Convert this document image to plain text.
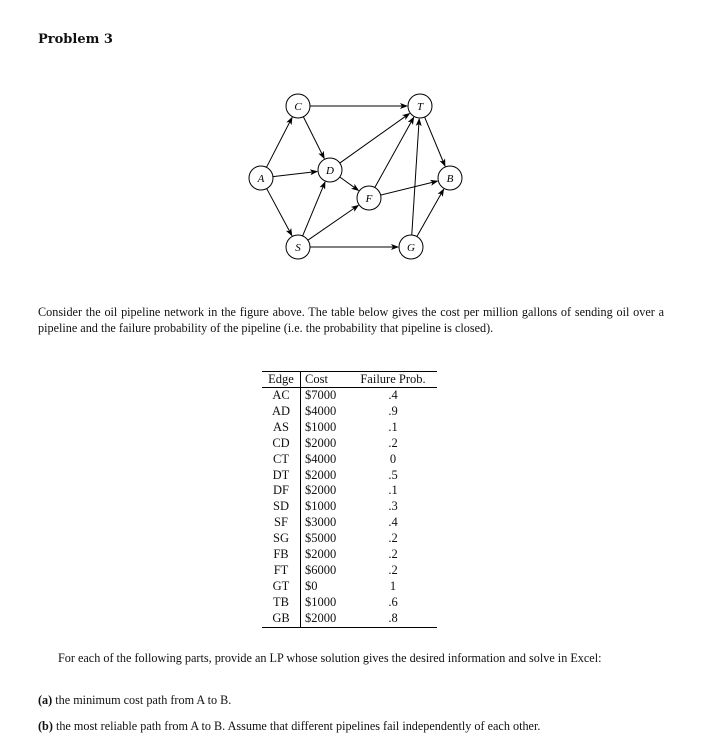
Problem 3
A
C
D
S
F
T
G
B
Consider the oil pipeline network in the figure above. The table below gives the cost per million gallons of sending oil over a pipeline and the failure probability of the pipeline (i.e. the probability that pipeline is closed).
Edge	Cost	Failure Prob.
AC	$7000	.4
AD	$4000	.9
AS	$1000	.1
CD	$2000	.2
CT	$4000	0
DT	$2000	.5
DF	$2000	.1
SD	$1000	.3
SF	$3000	.4
SG	$5000	.2
FB	$2000	.2
FT	$6000	.2
GT	$0	1
TB	$1000	.6
GB	$2000	.8
For each of the following parts, provide an LP whose solution gives the desired information and solve in Excel:
(a) the minimum cost path from A to B.
(b) the most reliable path from A to B. Assume that different pipelines fail independently of each other.
